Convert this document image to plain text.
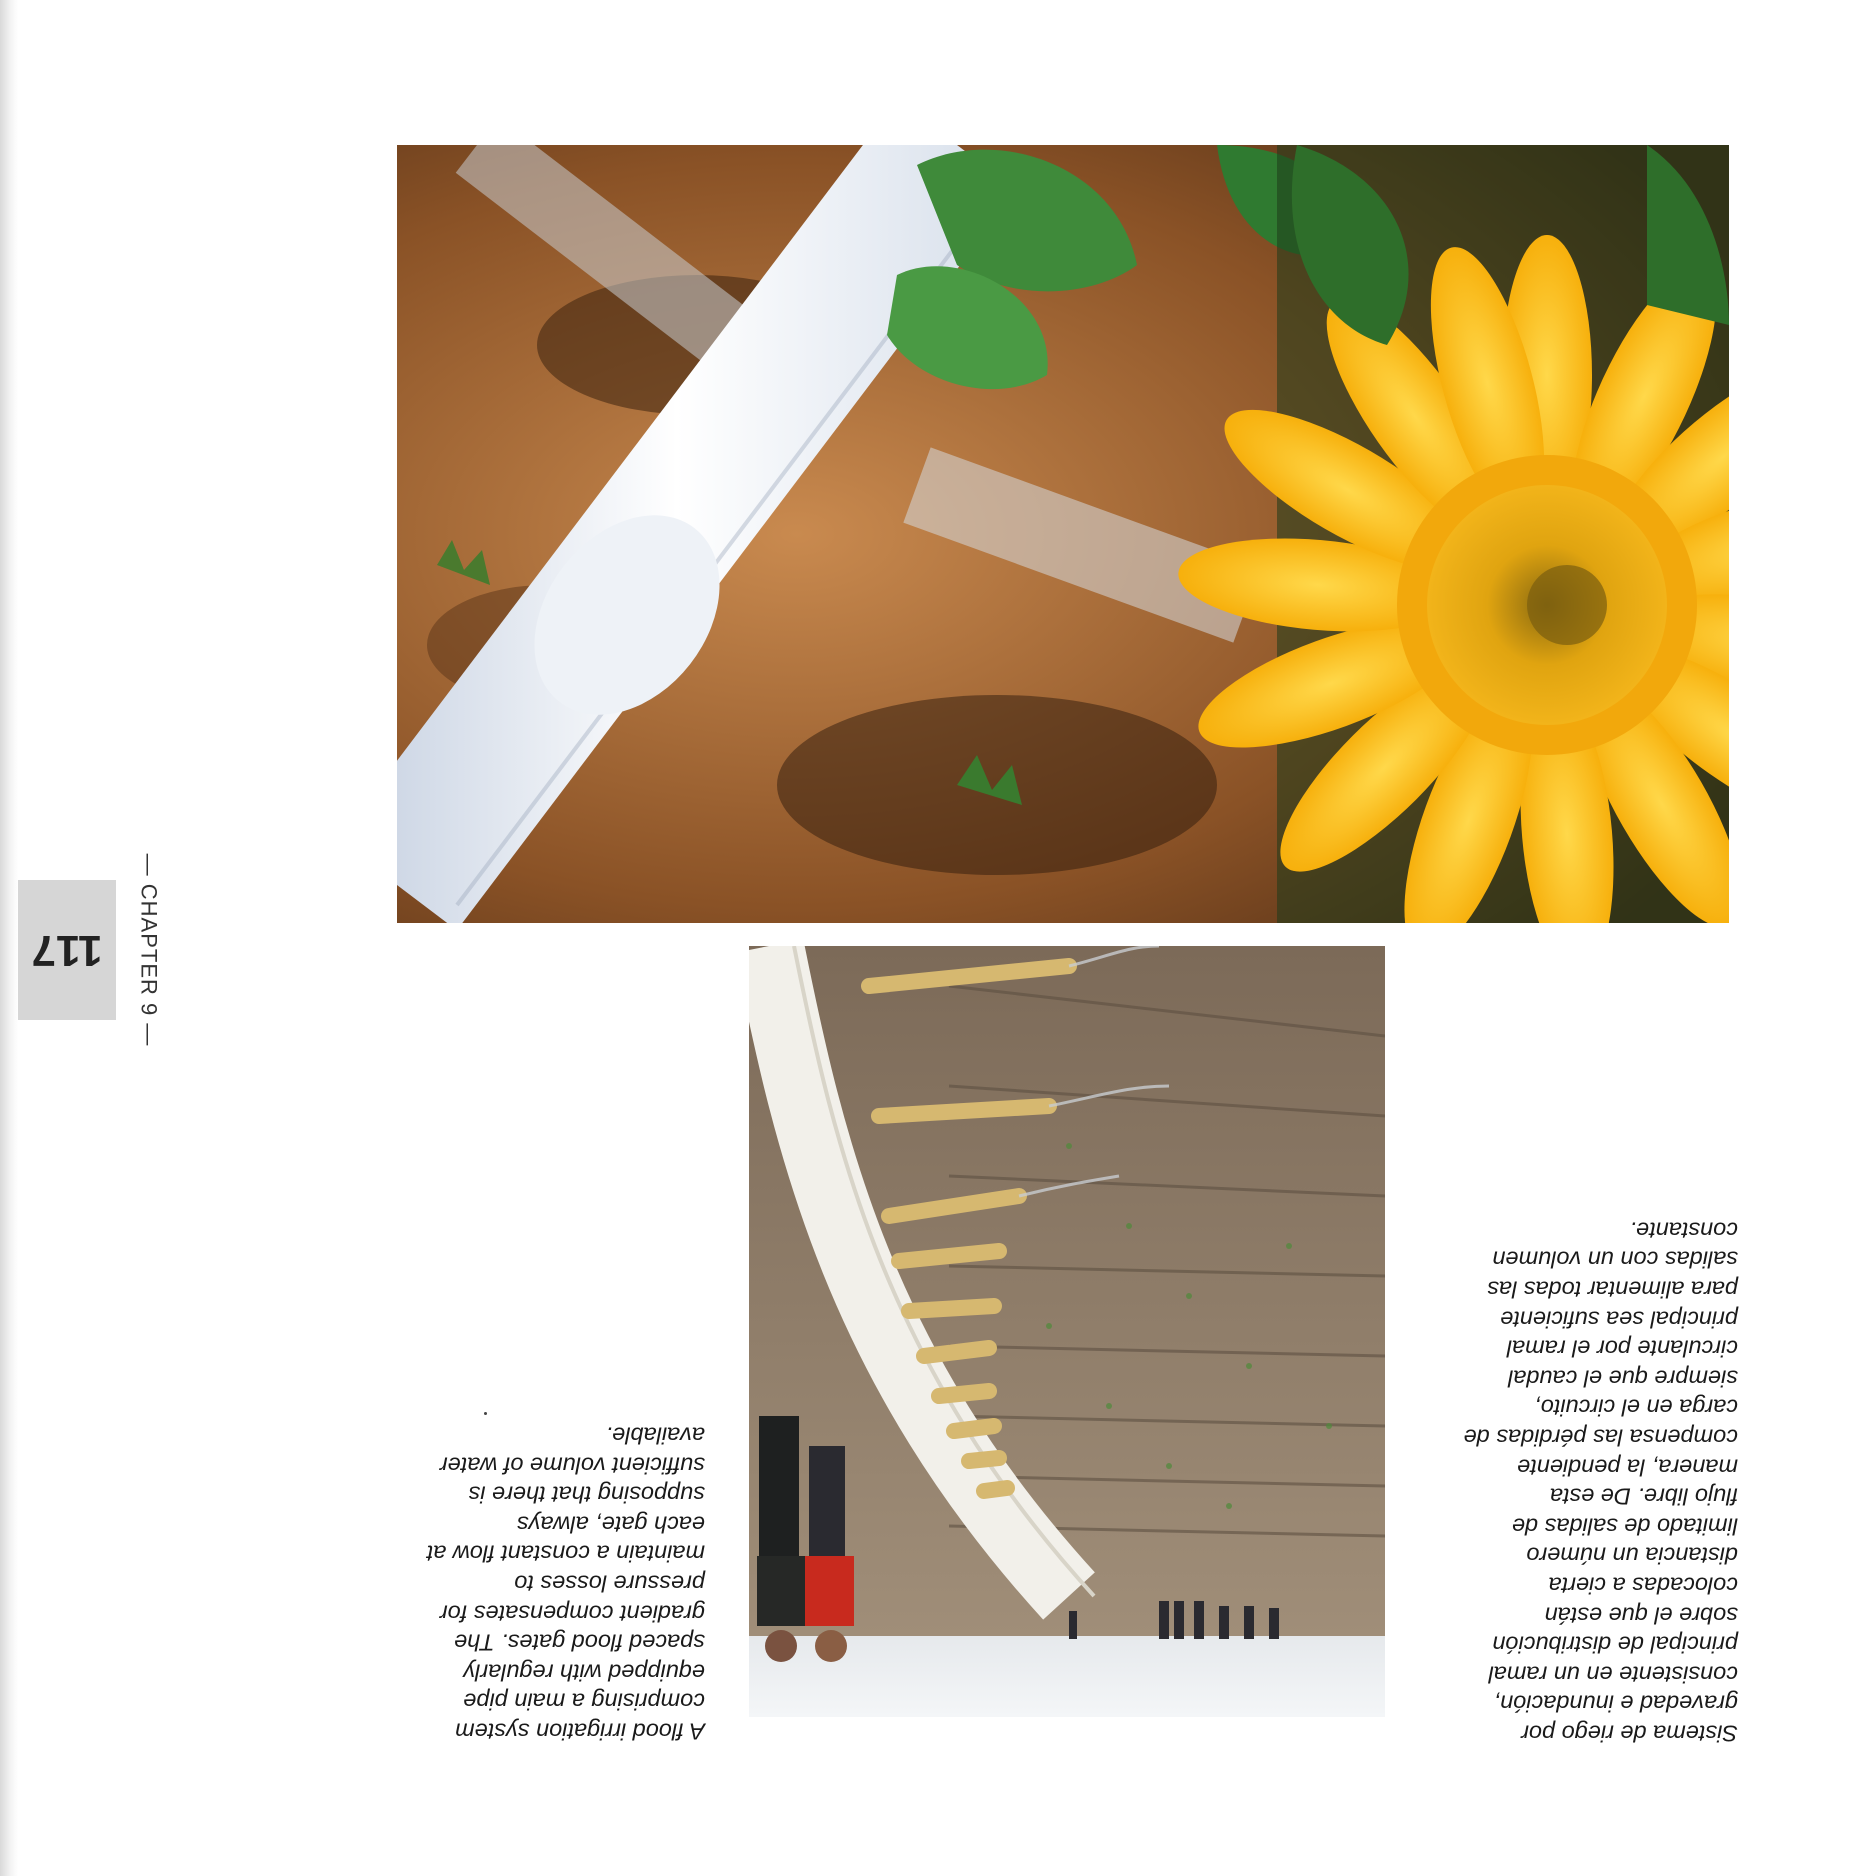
117	— CHAPTER 9 —
A flood irrigation system
comprising a main pipe
equipped with regularly
spaced flood gates. The
gradient compensates for
pressure losses to
maintain a constant flow at
each gate, always
supposing that there is
sufficient volume of water
available.
Sistema de riego por
gravedad e inundación,
consistente en un ramal
principal de distribución
sobre el que están
colocadas a cierta
distancia un número
limitado de salidas de
flujo libre. De esta
manera, la pendiente
compensa las pérdidas de
carga en el circuito,
siempre que el caudal
circulante por el ramal
principal sea suficiente
para alimentar todas las
salidas con un volumen
constante.
